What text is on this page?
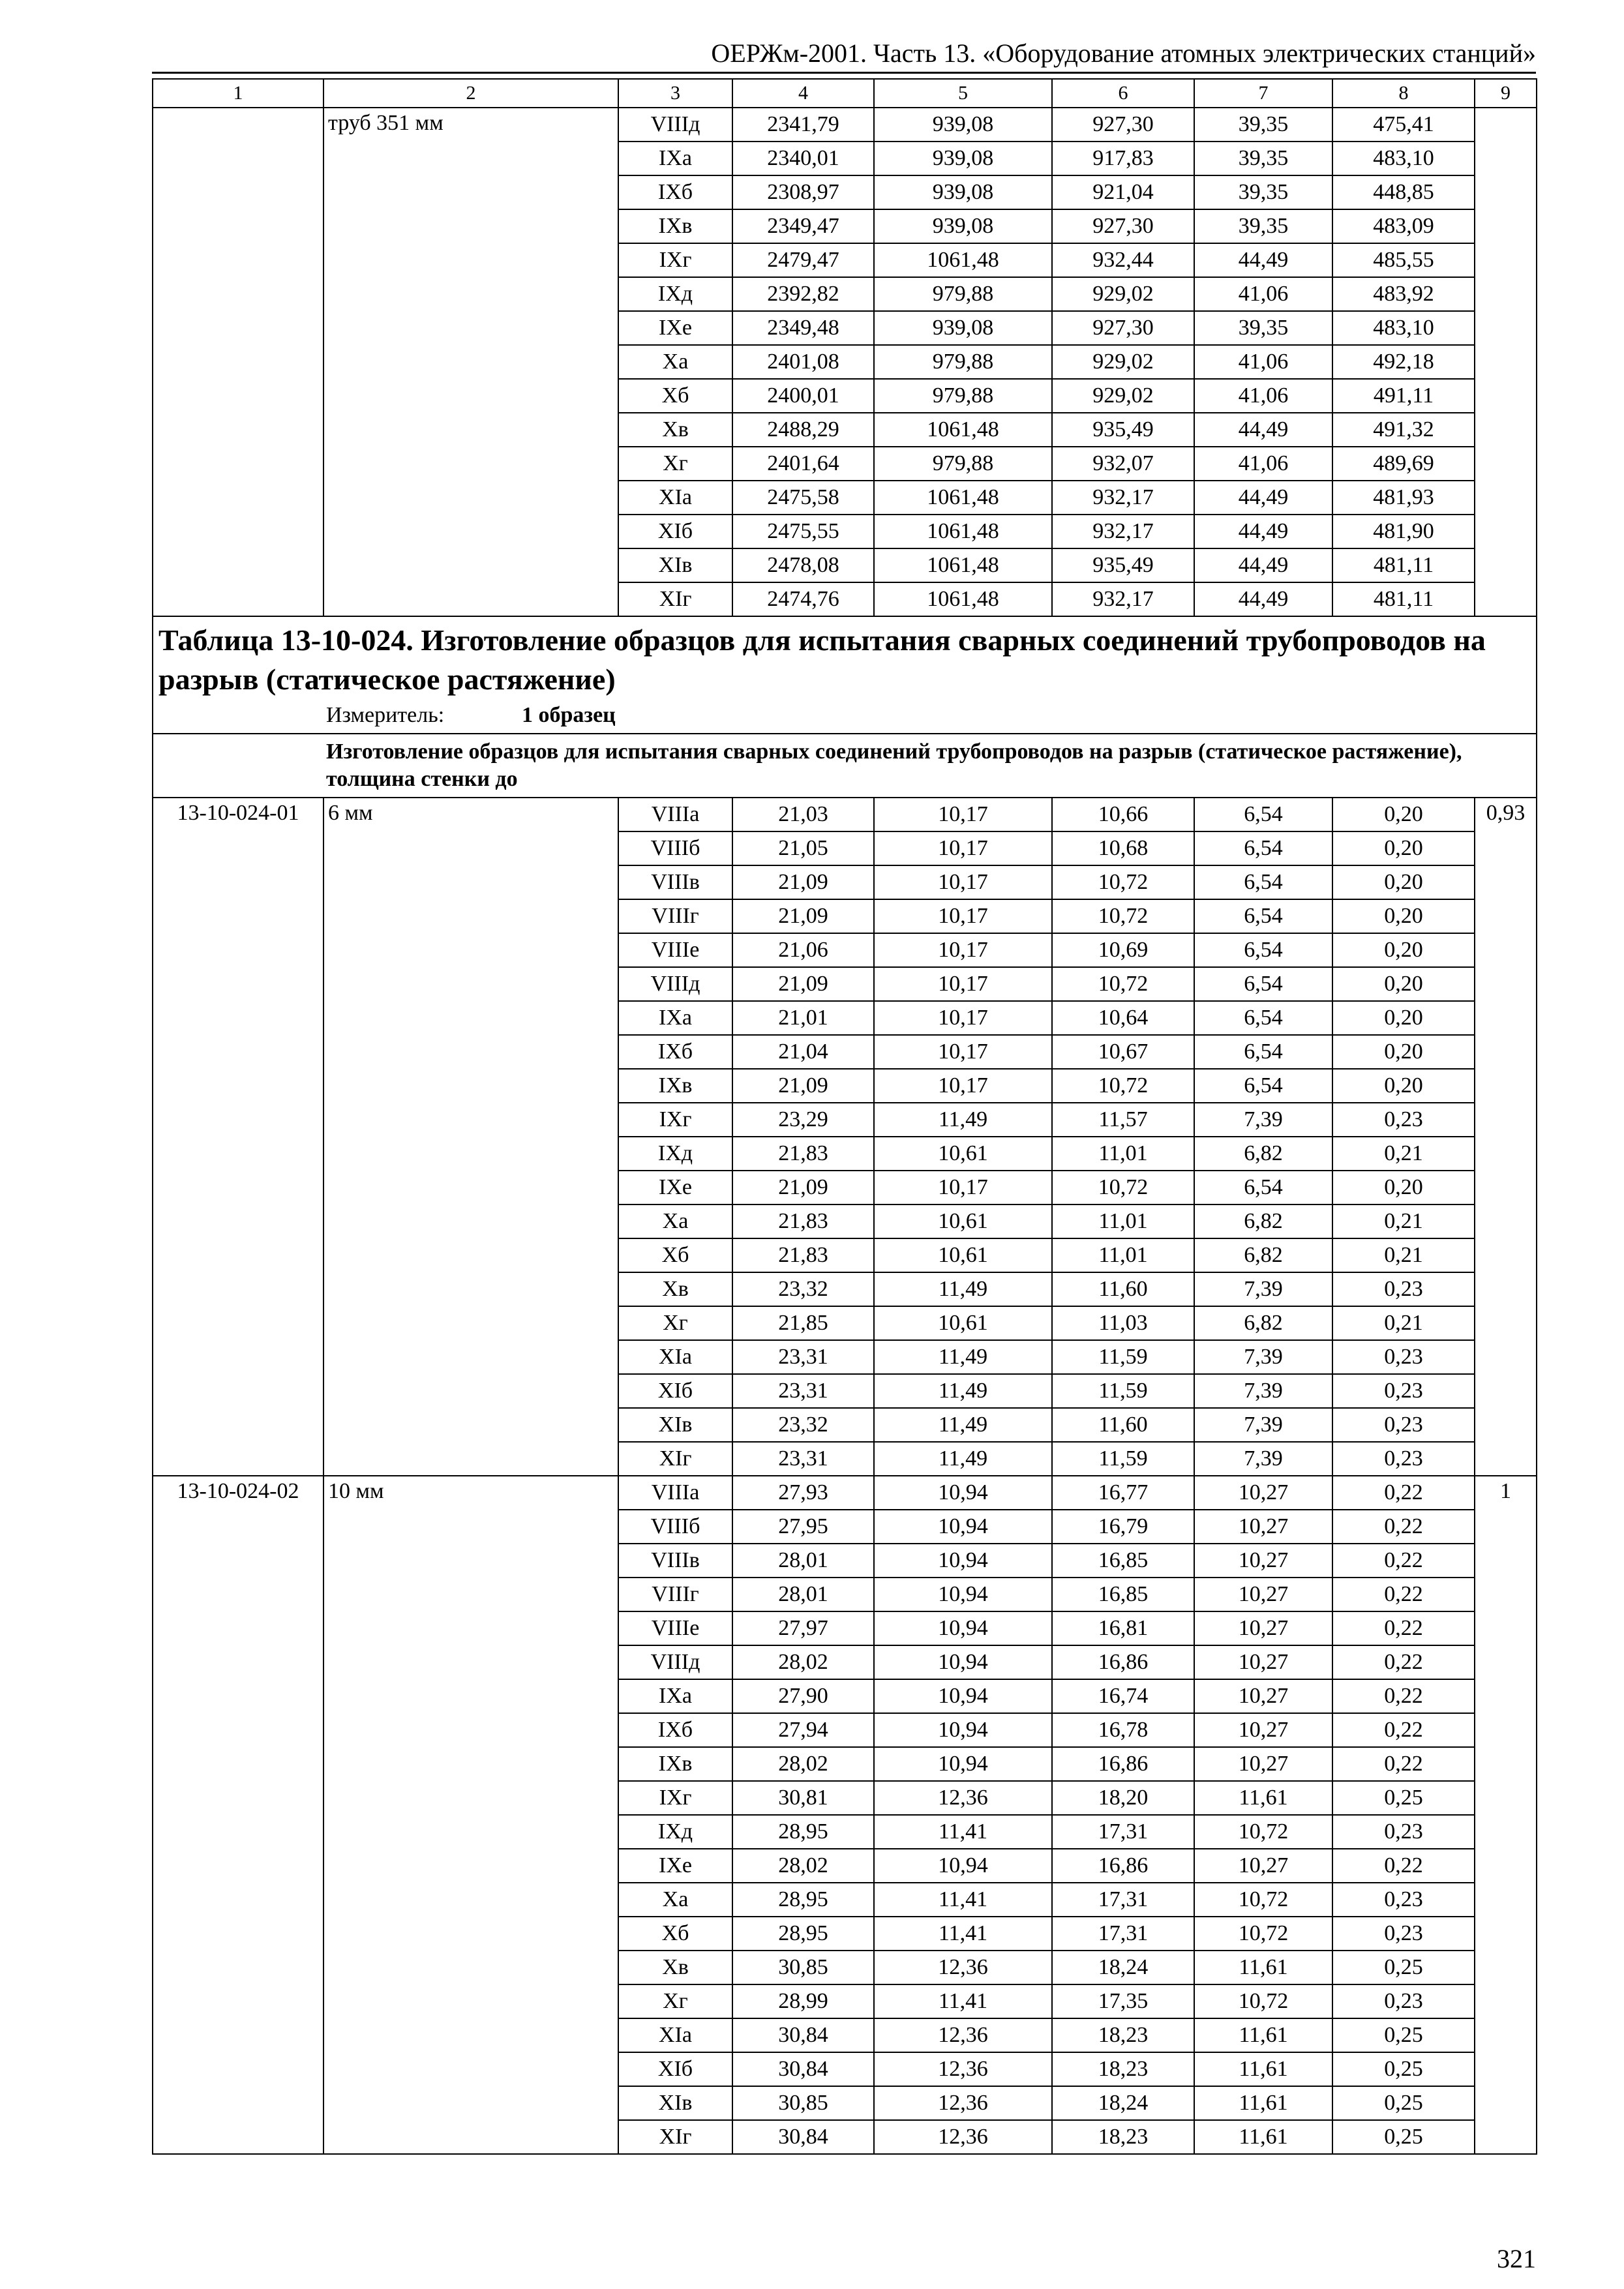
ОЕРЖм-2001. Часть 13. «Оборудование атомных электрических станций»
1	2	3	4	5	6	7	8	9
	труб 351 мм	VIIIд	2341,79	939,08	927,30	39,35	475,41	
		IXa	2340,01	939,08	917,83	39,35	483,10	
		IXб	2308,97	939,08	921,04	39,35	448,85	
		IXв	2349,47	939,08	927,30	39,35	483,09	
		IXг	2479,47	1061,48	932,44	44,49	485,55	
		IXд	2392,82	979,88	929,02	41,06	483,92	
		IXe	2349,48	939,08	927,30	39,35	483,10	
		Xa	2401,08	979,88	929,02	41,06	492,18	
		Xб	2400,01	979,88	929,02	41,06	491,11	
		Xв	2488,29	1061,48	935,49	44,49	491,32	
		Xг	2401,64	979,88	932,07	41,06	489,69	
		XIa	2475,58	1061,48	932,17	44,49	481,93	
		XIб	2475,55	1061,48	932,17	44,49	481,90	
		XIв	2478,08	1061,48	935,49	44,49	481,11	
		XIг	2474,76	1061,48	932,17	44,49	481,11	

Таблица 13-10-024. Изготовление образцов для испытания сварных соединений трубопроводов на разрыв (статическое растяжение)
Измеритель: 1 образец								

Изготовление образцов для испытания сварных соединений трубопроводов на разрыв (статическое растяжение), толщина стенки до								
13-10-024-01	6 мм	VIIIa	21,03	10,17	10,66	6,54	0,20	0,93
		VIIIб	21,05	10,17	10,68	6,54	0,20	
		VIIIв	21,09	10,17	10,72	6,54	0,20	
		VIIIг	21,09	10,17	10,72	6,54	0,20	
		VIIIe	21,06	10,17	10,69	6,54	0,20	
		VIIIд	21,09	10,17	10,72	6,54	0,20	
		IXa	21,01	10,17	10,64	6,54	0,20	
		IXб	21,04	10,17	10,67	6,54	0,20	
		IXв	21,09	10,17	10,72	6,54	0,20	
		IXг	23,29	11,49	11,57	7,39	0,23	
		IXд	21,83	10,61	11,01	6,82	0,21	
		IXe	21,09	10,17	10,72	6,54	0,20	
		Xa	21,83	10,61	11,01	6,82	0,21	
		Xб	21,83	10,61	11,01	6,82	0,21	
		Xв	23,32	11,49	11,60	7,39	0,23	
		Xг	21,85	10,61	11,03	6,82	0,21	
		XIa	23,31	11,49	11,59	7,39	0,23	
		XIб	23,31	11,49	11,59	7,39	0,23	
		XIв	23,32	11,49	11,60	7,39	0,23	
		XIг	23,31	11,49	11,59	7,39	0,23	
13-10-024-02	10 мм	VIIIa	27,93	10,94	16,77	10,27	0,22	1
		VIIIб	27,95	10,94	16,79	10,27	0,22	
		VIIIв	28,01	10,94	16,85	10,27	0,22	
		VIIIг	28,01	10,94	16,85	10,27	0,22	
		VIIIe	27,97	10,94	16,81	10,27	0,22	
		VIIIд	28,02	10,94	16,86	10,27	0,22	
		IXa	27,90	10,94	16,74	10,27	0,22	
		IXб	27,94	10,94	16,78	10,27	0,22	
		IXв	28,02	10,94	16,86	10,27	0,22	
		IXг	30,81	12,36	18,20	11,61	0,25	
		IXд	28,95	11,41	17,31	10,72	0,23	
		IXe	28,02	10,94	16,86	10,27	0,22	
		Xa	28,95	11,41	17,31	10,72	0,23	
		Xб	28,95	11,41	17,31	10,72	0,23	
		Xв	30,85	12,36	18,24	11,61	0,25	
		Xг	28,99	11,41	17,35	10,72	0,23	
		XIa	30,84	12,36	18,23	11,61	0,25	
		XIб	30,84	12,36	18,23	11,61	0,25	
		XIв	30,85	12,36	18,24	11,61	0,25	
		XIг	30,84	12,36	18,23	11,61	0,25	
321
